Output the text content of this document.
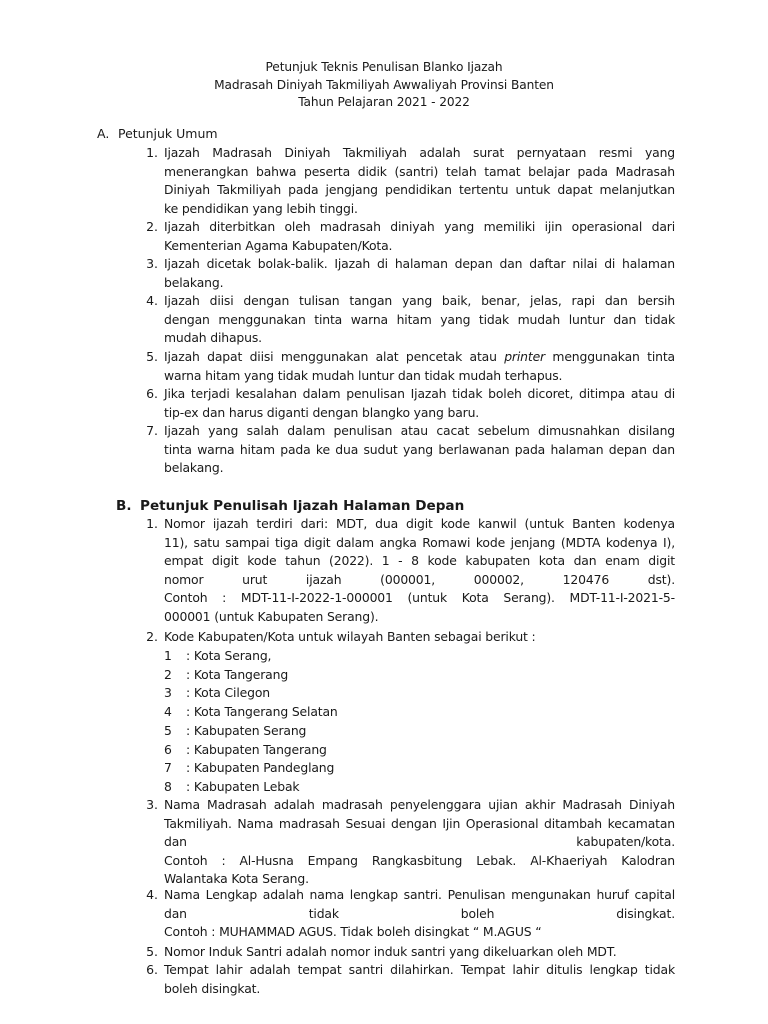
Petunjuk Teknis Penulisan Blanko Ijazah
Madrasah Diniyah Takmiliyah Awwaliyah Provinsi Banten
Tahun Pelajaran 2021 - 2022
A. Petunjuk Umum
B. Petunjuk Penulisah Ijazah Halaman Depan
1. Ijazah Madrasah Diniyah Takmiliyah adalah surat pernyataan resmi yang
menerangkan bahwa peserta didik (santri) telah tamat belajar pada Madrasah
Diniyah Takmiliyah pada jengjang pendidikan tertentu untuk dapat melanjutkan
ke pendidikan yang lebih tinggi.
2. Ijazah diterbitkan oleh madrasah diniyah yang memiliki ijin operasional dari
Kementerian Agama Kabupaten/Kota.
3. Ijazah dicetak bolak-balik. Ijazah di halaman depan dan daftar nilai di halaman
belakang.
4. Ijazah diisi dengan tulisan tangan yang baik, benar, jelas, rapi dan bersih
dengan menggunakan tinta warna hitam yang tidak mudah luntur dan tidak
mudah dihapus.
5. Ijazah dapat diisi menggunakan alat pencetak atau printer menggunakan tinta
warna hitam yang tidak mudah luntur dan tidak mudah terhapus.
6. Jika terjadi kesalahan dalam penulisan Ijazah tidak boleh dicoret, ditimpa atau di
tip-ex dan harus diganti dengan blangko yang baru.
7. Ijazah yang salah dalam penulisan atau cacat sebelum dimusnahkan disilang
tinta warna hitam pada ke dua sudut yang berlawanan pada halaman depan dan
belakang.
1. Nomor ijazah terdiri dari: MDT, dua digit kode kanwil (untuk Banten kodenya
11), satu sampai tiga digit dalam angka Romawi kode jenjang (MDTA kodenya I),
empat digit kode tahun (2022). 1 - 8 kode kabupaten kota dan enam digit
nomor urut ijazah (000001, 000002, 120476 dst).
Contoh : MDT-11-I-2022-1-000001 (untuk Kota Serang). MDT-11-I-2021-5-
000001 (untuk Kabupaten Serang).
2. Kode Kabupaten/Kota untuk wilayah Banten sebagai berikut :
3. Nama Madrasah adalah madrasah penyelenggara ujian akhir Madrasah Diniyah
Takmiliyah. Nama madrasah Sesuai dengan Ijin Operasional ditambah kecamatan
dan kabupaten/kota.
Contoh : Al-Husna Empang Rangkasbitung Lebak. Al-Khaeriyah Kalodran
Walantaka Kota Serang.
4. Nama Lengkap adalah nama lengkap santri. Penulisan mengunakan huruf capital
dan tidak boleh disingkat.
Contoh : MUHAMMAD AGUS. Tidak boleh disingkat “ M.AGUS “
5. Nomor Induk Santri adalah nomor induk santri yang dikeluarkan oleh MDT.
6. Tempat lahir adalah tempat santri dilahirkan. Tempat lahir ditulis lengkap tidak
boleh disingkat.
1	: Kota Serang,
2	: Kota Tangerang
3	: Kota Cilegon
4	: Kota Tangerang Selatan
5	: Kabupaten Serang
6	: Kabupaten Tangerang
7	: Kabupaten Pandeglang
8	: Kabupaten Lebak
